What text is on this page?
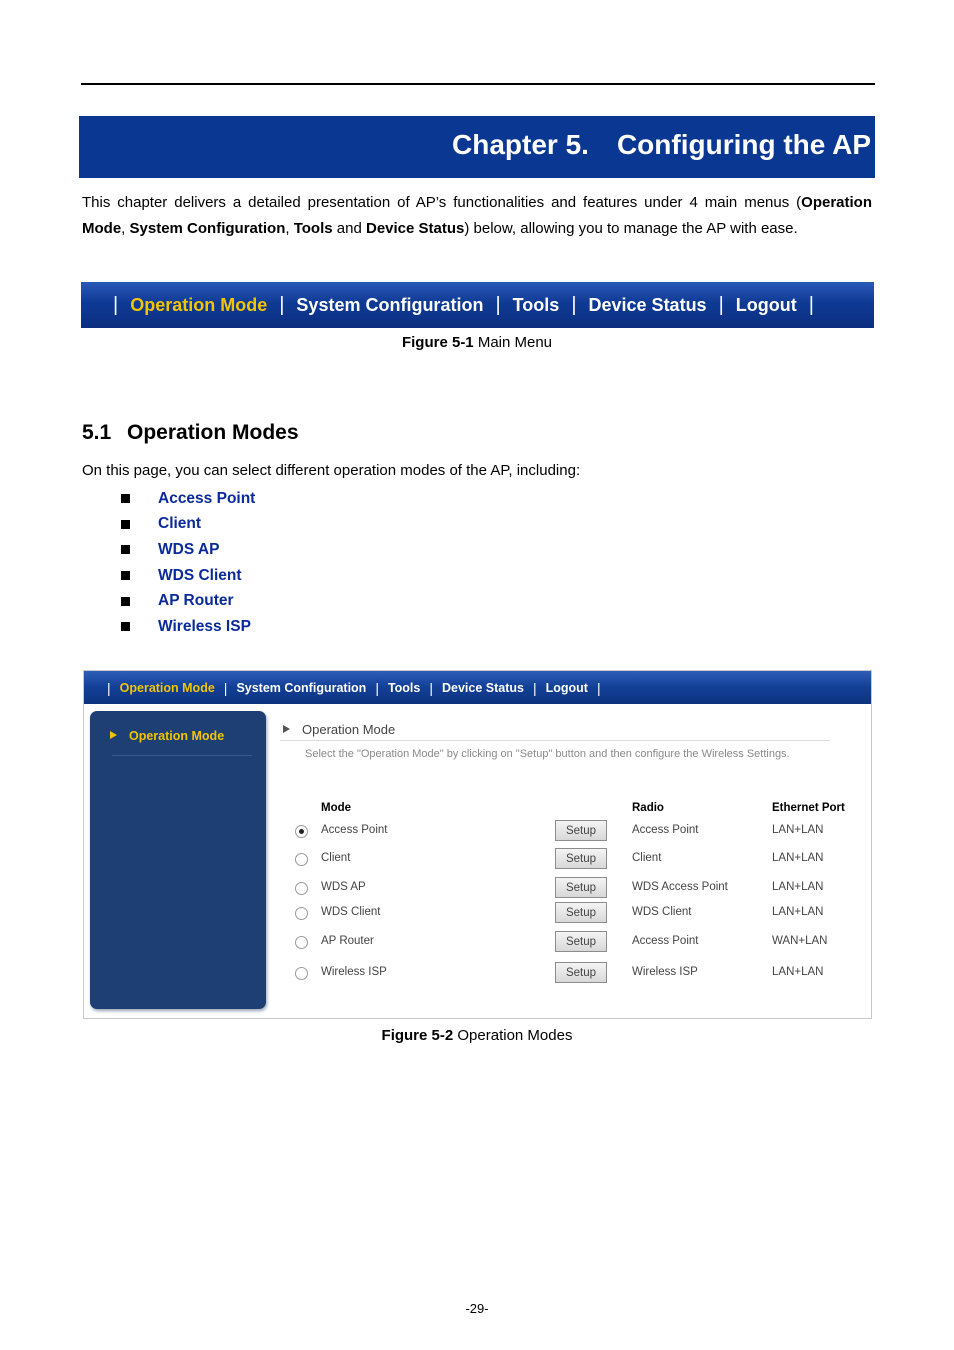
Chapter 5. Configuring the AP
This chapter delivers a detailed presentation of AP’s functionalities and features under 4 main menus (Operation Mode, System Configuration, Tools and Device Status) below, allowing you to manage the AP with ease.
| Operation Mode | System Configuration | Tools | Device Status | Logout |
Figure 5-1 Main Menu
5.1 Operation Modes
On this page, you can select different operation modes of the AP, including:
Access Point
Client
WDS AP
WDS Client
AP Router
Wireless ISP
| Operation Mode | System Configuration | Tools | Device Status | Logout |
Operation Mode	Operation Mode
Select the "Operation Mode" by clicking on "Setup" button and then configure the Wireless Settings.
Mode	Radio	Ethernet Port
Access Point	Setup	Access Point	LAN+LAN
Client	Setup	Client	LAN+LAN
WDS AP	Setup	WDS Access Point	LAN+LAN
WDS Client	Setup	WDS Client	LAN+LAN
AP Router	Setup	Access Point	WAN+LAN
Wireless ISP	Setup	Wireless ISP	LAN+LAN
Figure 5-2 Operation Modes
-29-
